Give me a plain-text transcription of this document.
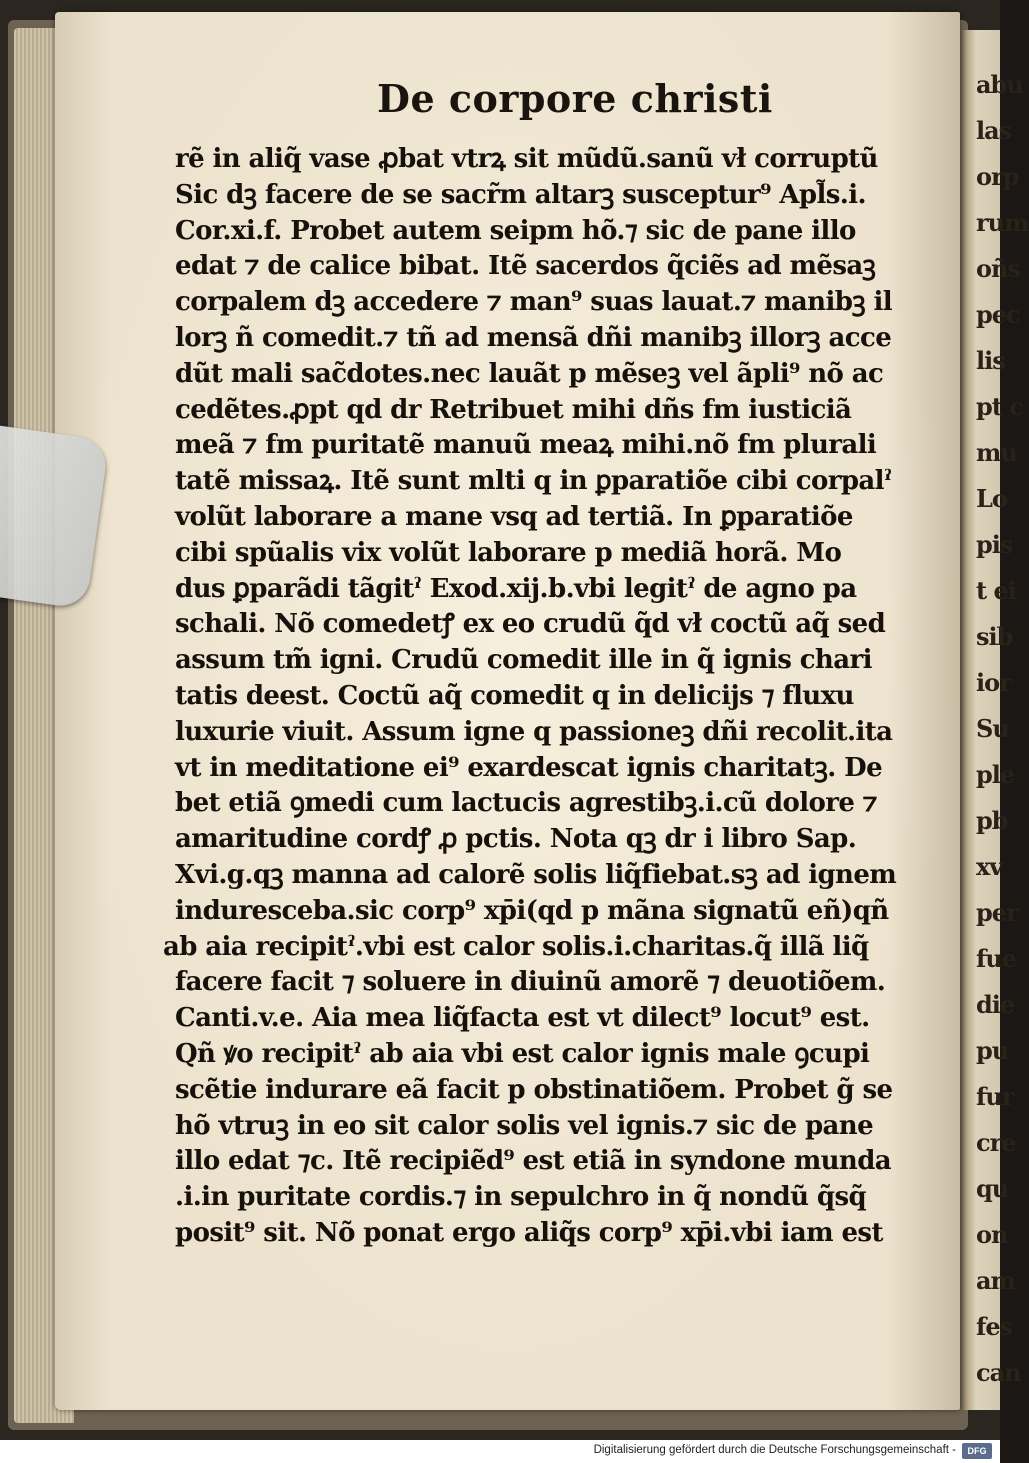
abu
las
orp
rum
oñs
pec
lis
pt c
mu
Lo
pis
t ei
sib
ior
Su
ple
pb
xv
per
fue
die
pu
fur
cre
qu
on
am
fes
can
De corpore christi
rẽ in aliq̃ vase ꝓbat vtrꝝ sit mũdũ.sanũ vł corruptũ
Sic dꝫ facere de se sacr̃m altarꝫ susceptur⁹ Apl̃s.i.
Cor.xi.f. Probet autem seipm hõ.⁊ sic de pane illo
edat ⁊ de calice bibat. Itẽ sacerdos q̃ciẽs ad mẽsaꝫ
corpalem dꝫ accedere ⁊ man⁹ suas lauat.⁊ manibꝫ il
lorꝫ ñ comedit.⁊ tñ ad mensã dñi manibꝫ illorꝫ acce
dũt mali sac̃dotes.nec lauãt p mẽseꝫ vel ãpli⁹ nõ ac
cedẽtes.ꝓpt qd dr Retribuet mihi dñs fm iusticiã
meã ⁊ fm puritatẽ manuũ meaꝝ mihi.nõ fm plurali
tatẽ missaꝝ. Itẽ sunt mlti q in ꝑparatiõe cibi corpalˀ
volũt laborare a mane vsq ad tertiã. In ꝑparatiõe
cibi spũalis vix volũt laborare p mediã horã. Mo
dus ꝑparãdi tãgitˀ Exod.xij.b.vbi legitˀ de agno pa
schali. Nõ comedetꝭ ex eo crudũ q̃d vł coctũ aq̃ sed
assum tm̃ igni. Crudũ comedit ille in q̃ ignis chari
tatis deest. Coctũ aq̃ comedit q in delicijs ⁊ fluxu
luxurie viuit. Assum igne q passioneꝫ dñi recolit.ita
vt in meditatione ei⁹ exardescat ignis charitatꝫ. De
bet etiã ꝯmedi cum lactucis agrestibꝫ.i.cũ dolore ⁊
amaritudine cordꝭ ꝓ pctis. Nota qꝫ dr i libro Sap.
Xvi.g.qꝫ manna ad calorẽ solis liq̃fiebat.sꝫ ad ignem
induresceba.sic corp⁹ xp̄i(qd p mãna signatũ eñ)qñ
ab aia recipitˀ.vbi est calor solis.i.charitas.q̃ illã liq̃
facere facit ⁊ soluere in diuinũ amorẽ ⁊ deuotiõem.
Canti.v.e. Aia mea liq̃facta est vt dilect⁹ locut⁹ est.
Qñ ꝟo recipitˀ ab aia vbi est calor ignis male ꝯcupi
scẽtie indurare eã facit p obstinatiõem. Probet g̃ se
hõ vtruꝫ in eo sit calor solis vel ignis.⁊ sic de pane
illo edat ⁊c. Itẽ recipiẽd⁹ est etiã in syndone munda
.i.in puritate cordis.⁊ in sepulchro in q̃ nondũ q̃sq̃
posit⁹ sit. Nõ ponat ergo aliq̃s corp⁹ xp̄i.vbi iam est
Digitalisierung gefördert durch die Deutsche Forschungsgemeinschaft -	DFG
